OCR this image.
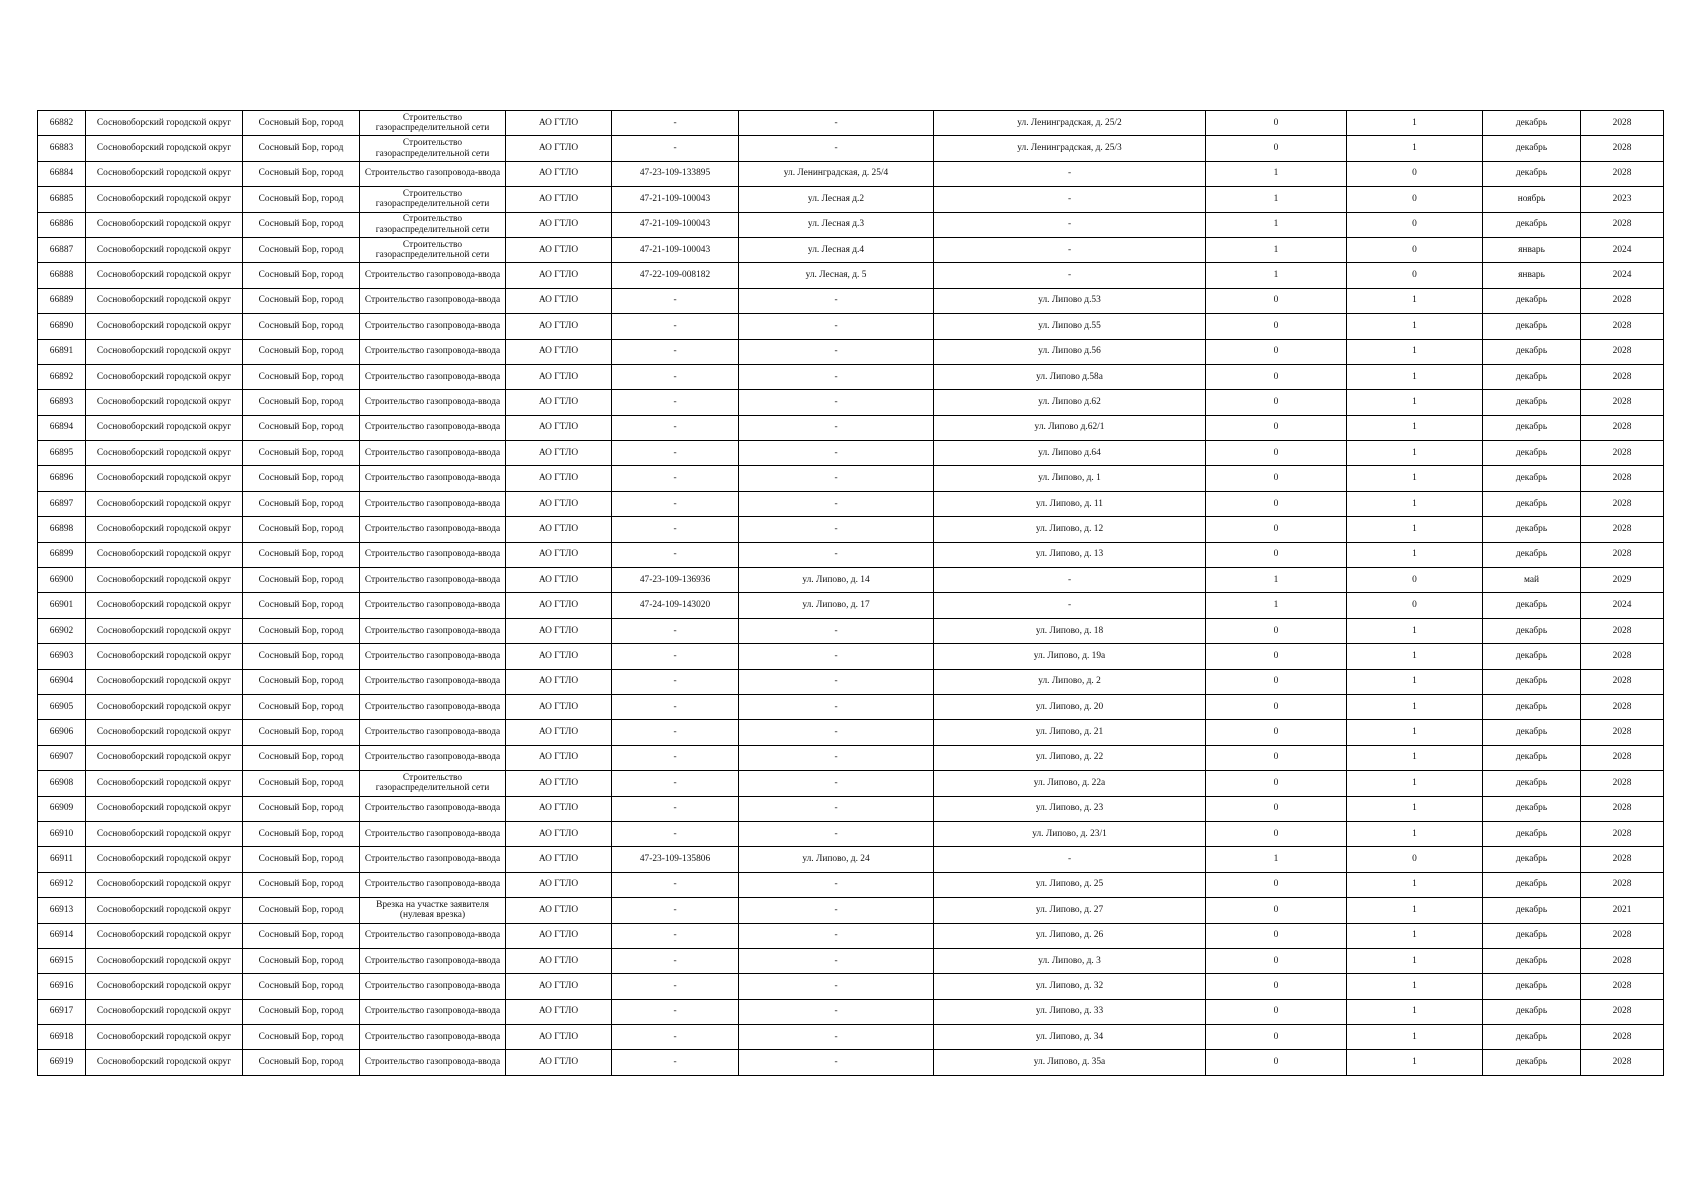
66882	Сосновоборский городской округ	Сосновый Бор, город	Строительство газораспределительной сети	АО ГТЛО	-	-	ул. Ленинградская, д. 25/2	0	1	декабрь	2028
66883	Сосновоборский городской округ	Сосновый Бор, город	Строительство газораспределительной сети	АО ГТЛО	-	-	ул. Ленинградская, д. 25/3	0	1	декабрь	2028
66884	Сосновоборский городской округ	Сосновый Бор, город	Строительство газопровода-ввода	АО ГТЛО	47-23-109-133895	ул. Ленинградская, д. 25/4	-	1	0	декабрь	2028
66885	Сосновоборский городской округ	Сосновый Бор, город	Строительство газораспределительной сети	АО ГТЛО	47-21-109-100043	ул. Лесная д.2	-	1	0	ноябрь	2023
66886	Сосновоборский городской округ	Сосновый Бор, город	Строительство газораспределительной сети	АО ГТЛО	47-21-109-100043	ул. Лесная д.3	-	1	0	декабрь	2028
66887	Сосновоборский городской округ	Сосновый Бор, город	Строительство газораспределительной сети	АО ГТЛО	47-21-109-100043	ул. Лесная д.4	-	1	0	январь	2024
66888	Сосновоборский городской округ	Сосновый Бор, город	Строительство газопровода-ввода	АО ГТЛО	47-22-109-008182	ул. Лесная, д. 5	-	1	0	январь	2024
66889	Сосновоборский городской округ	Сосновый Бор, город	Строительство газопровода-ввода	АО ГТЛО	-	-	ул. Липово д.53	0	1	декабрь	2028
66890	Сосновоборский городской округ	Сосновый Бор, город	Строительство газопровода-ввода	АО ГТЛО	-	-	ул. Липово д.55	0	1	декабрь	2028
66891	Сосновоборский городской округ	Сосновый Бор, город	Строительство газопровода-ввода	АО ГТЛО	-	-	ул. Липово д.56	0	1	декабрь	2028
66892	Сосновоборский городской округ	Сосновый Бор, город	Строительство газопровода-ввода	АО ГТЛО	-	-	ул. Липово д.58а	0	1	декабрь	2028
66893	Сосновоборский городской округ	Сосновый Бор, город	Строительство газопровода-ввода	АО ГТЛО	-	-	ул. Липово д.62	0	1	декабрь	2028
66894	Сосновоборский городской округ	Сосновый Бор, город	Строительство газопровода-ввода	АО ГТЛО	-	-	ул. Липово д.62/1	0	1	декабрь	2028
66895	Сосновоборский городской округ	Сосновый Бор, город	Строительство газопровода-ввода	АО ГТЛО	-	-	ул. Липово д.64	0	1	декабрь	2028
66896	Сосновоборский городской округ	Сосновый Бор, город	Строительство газопровода-ввода	АО ГТЛО	-	-	ул. Липово, д. 1	0	1	декабрь	2028
66897	Сосновоборский городской округ	Сосновый Бор, город	Строительство газопровода-ввода	АО ГТЛО	-	-	ул. Липово, д. 11	0	1	декабрь	2028
66898	Сосновоборский городской округ	Сосновый Бор, город	Строительство газопровода-ввода	АО ГТЛО	-	-	ул. Липово, д. 12	0	1	декабрь	2028
66899	Сосновоборский городской округ	Сосновый Бор, город	Строительство газопровода-ввода	АО ГТЛО	-	-	ул. Липово, д. 13	0	1	декабрь	2028
66900	Сосновоборский городской округ	Сосновый Бор, город	Строительство газопровода-ввода	АО ГТЛО	47-23-109-136936	ул. Липово, д. 14	-	1	0	май	2029
66901	Сосновоборский городской округ	Сосновый Бор, город	Строительство газопровода-ввода	АО ГТЛО	47-24-109-143020	ул. Липово, д. 17	-	1	0	декабрь	2024
66902	Сосновоборский городской округ	Сосновый Бор, город	Строительство газопровода-ввода	АО ГТЛО	-	-	ул. Липово, д. 18	0	1	декабрь	2028
66903	Сосновоборский городской округ	Сосновый Бор, город	Строительство газопровода-ввода	АО ГТЛО	-	-	ул. Липово, д. 19а	0	1	декабрь	2028
66904	Сосновоборский городской округ	Сосновый Бор, город	Строительство газопровода-ввода	АО ГТЛО	-	-	ул. Липово, д. 2	0	1	декабрь	2028
66905	Сосновоборский городской округ	Сосновый Бор, город	Строительство газопровода-ввода	АО ГТЛО	-	-	ул. Липово, д. 20	0	1	декабрь	2028
66906	Сосновоборский городской округ	Сосновый Бор, город	Строительство газопровода-ввода	АО ГТЛО	-	-	ул. Липово, д. 21	0	1	декабрь	2028
66907	Сосновоборский городской округ	Сосновый Бор, город	Строительство газопровода-ввода	АО ГТЛО	-	-	ул. Липово, д. 22	0	1	декабрь	2028
66908	Сосновоборский городской округ	Сосновый Бор, город	Строительство газораспределительной сети	АО ГТЛО	-	-	ул. Липово, д. 22а	0	1	декабрь	2028
66909	Сосновоборский городской округ	Сосновый Бор, город	Строительство газопровода-ввода	АО ГТЛО	-	-	ул. Липово, д. 23	0	1	декабрь	2028
66910	Сосновоборский городской округ	Сосновый Бор, город	Строительство газопровода-ввода	АО ГТЛО	-	-	ул. Липово, д. 23/1	0	1	декабрь	2028
66911	Сосновоборский городской округ	Сосновый Бор, город	Строительство газопровода-ввода	АО ГТЛО	47-23-109-135806	ул. Липово, д. 24	-	1	0	декабрь	2028
66912	Сосновоборский городской округ	Сосновый Бор, город	Строительство газопровода-ввода	АО ГТЛО	-	-	ул. Липово, д. 25	0	1	декабрь	2028
66913	Сосновоборский городской округ	Сосновый Бор, город	Врезка на участке заявителя (нулевая врезка)	АО ГТЛО	-	-	ул. Липово, д. 27	0	1	декабрь	2021
66914	Сосновоборский городской округ	Сосновый Бор, город	Строительство газопровода-ввода	АО ГТЛО	-	-	ул. Липово, д. 26	0	1	декабрь	2028
66915	Сосновоборский городской округ	Сосновый Бор, город	Строительство газопровода-ввода	АО ГТЛО	-	-	ул. Липово, д. 3	0	1	декабрь	2028
66916	Сосновоборский городской округ	Сосновый Бор, город	Строительство газопровода-ввода	АО ГТЛО	-	-	ул. Липово, д. 32	0	1	декабрь	2028
66917	Сосновоборский городской округ	Сосновый Бор, город	Строительство газопровода-ввода	АО ГТЛО	-	-	ул. Липово, д. 33	0	1	декабрь	2028
66918	Сосновоборский городской округ	Сосновый Бор, город	Строительство газопровода-ввода	АО ГТЛО	-	-	ул. Липово, д. 34	0	1	декабрь	2028
66919	Сосновоборский городской округ	Сосновый Бор, город	Строительство газопровода-ввода	АО ГТЛО	-	-	ул. Липово, д. 35а	0	1	декабрь	2028
